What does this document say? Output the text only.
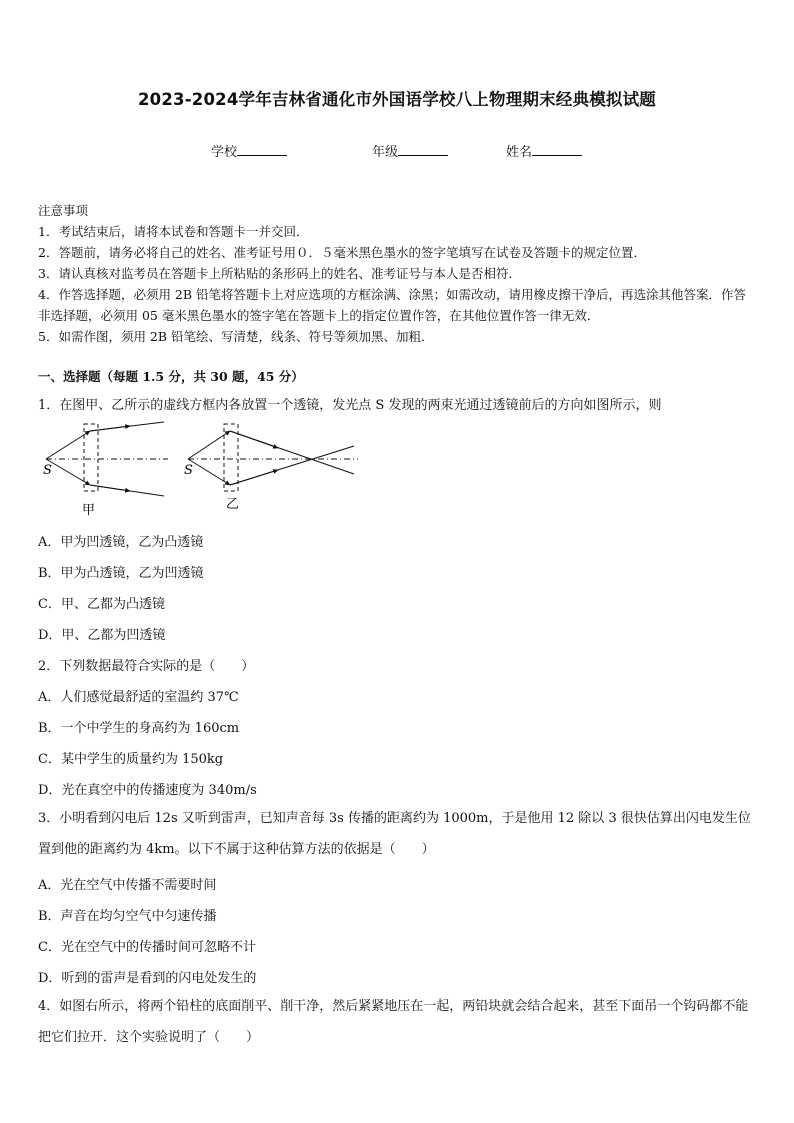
2023-2024学年吉林省通化市外国语学校八上物理期末经典模拟试题
学校	年级	姓名
注意事项
1．考试结束后，请将本试卷和答题卡一并交回．
2．答题前，请务必将自己的姓名、准考证号用０．５毫米黑色墨水的签字笔填写在试卷及答题卡的规定位置．
3．请认真核对监考员在答题卡上所粘贴的条形码上的姓名、准考证号与本人是否相符．
4．作答选择题，必须用 2B 铅笔将答题卡上对应选项的方框涂满、涂黑；如需改动，请用橡皮擦干净后，再选涂其他答案．作答非选择题，必须用 05 毫米黑色墨水的签字笔在答题卡上的指定位置作答，在其他位置作答一律无效．
5．如需作图，须用 2B 铅笔绘、写清楚，线条、符号等须加黑、加粗．
一、选择题（每题 1.5 分，共 30 题，45 分）
1．在图甲、乙所示的虚线方框内各放置一个透镜，发光点 S 发现的两束光通过透镜前后的方向如图所示，则
S
甲
S
乙
A．甲为凹透镜，乙为凸透镜
B．甲为凸透镜，乙为凹透镜
C．甲、乙都为凸透镜
D．甲、乙都为凹透镜
2．下列数据最符合实际的是（　　）
A．人们感觉最舒适的室温约 37℃
B．一个中学生的身高约为 160cm
C．某中学生的质量约为 150kg
D．光在真空中的传播速度为 340m/s
3．小明看到闪电后 12s 又听到雷声，已知声音每 3s 传播的距离约为 1000m，于是他用 12 除以 3 很快估算出闪电发生位置到他的距离约为 4km。以下不属于这种估算方法的依据是（　　）
A．光在空气中传播不需要时间
B．声音在均匀空气中匀速传播
C．光在空气中的传播时间可忽略不计
D．听到的雷声是看到的闪电处发生的
4．如图右所示，将两个铅柱的底面削平、削干净，然后紧紧地压在一起，两铅块就会结合起来，甚至下面吊一个钩码都不能把它们拉开．这个实验说明了（　　）
